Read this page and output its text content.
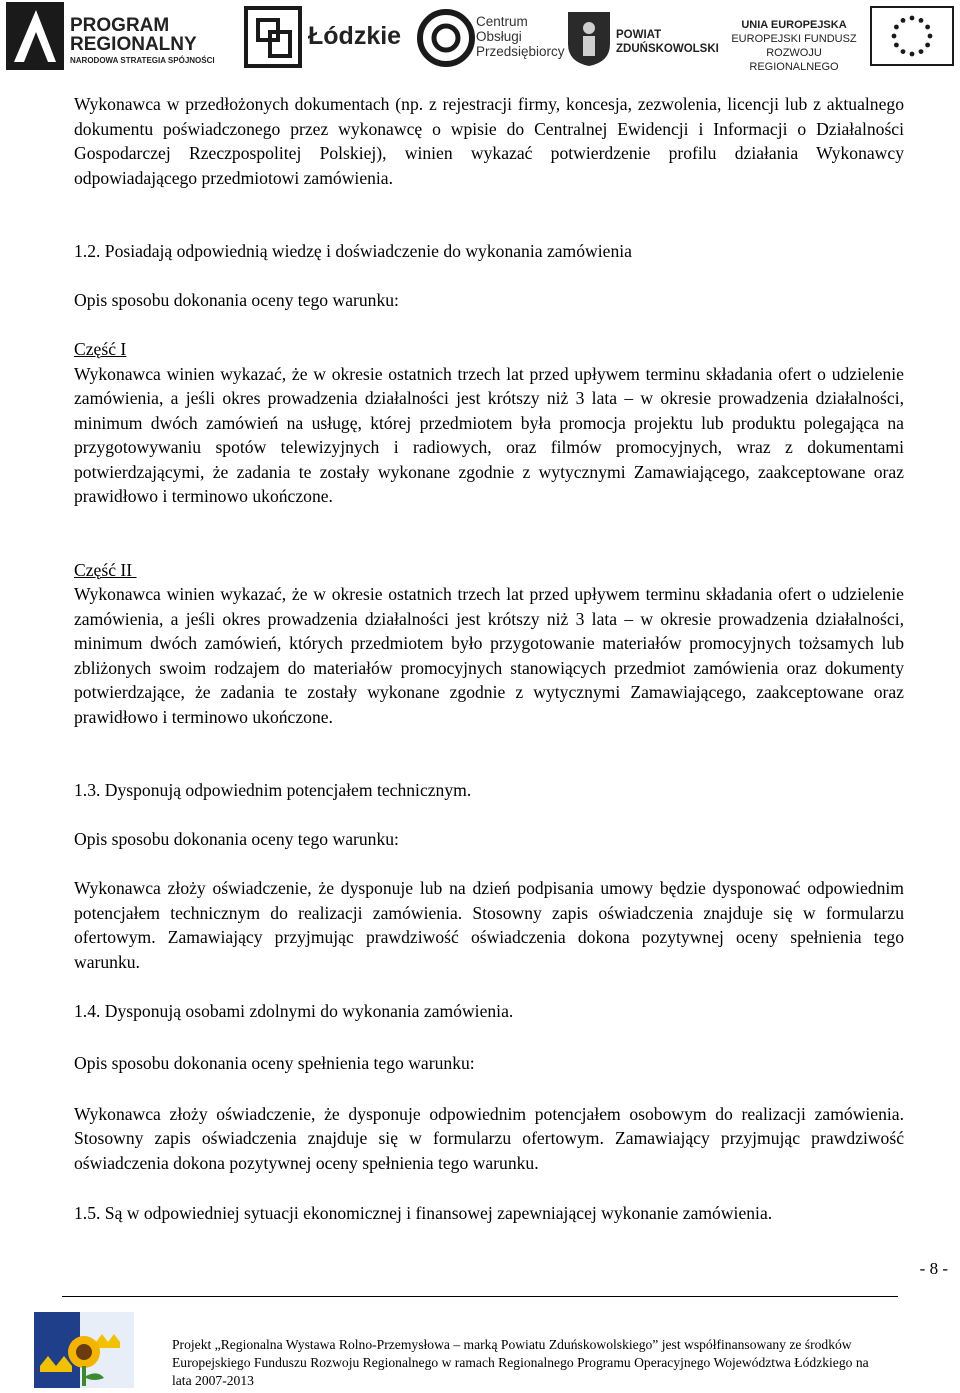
PROGRAM
REGIONALNY
NARODOWA STRATEGIA SPÓJNOŚCI
Łódzkie
Centrum
Obsługi
Przedsiębiorcy
POWIAT
ZDUŃSKOWOLSKI
UNIA EUROPEJSKA
EUROPEJSKI FUNDUSZ
ROZWOJU REGIONALNEGO

Wykonawca w przedłożonych dokumentach (np. z rejestracji firmy, koncesja, zezwolenia, licencji lub z aktualnego dokumentu poświadczonego przez wykonawcę o wpisie do Centralnej Ewidencji i Informacji o Działalności Gospodarczej Rzeczpospolitej Polskiej), winien wykazać potwierdzenie profilu działania Wykonawcy odpowiadającego przedmiotowi zamówienia.

1.2. Posiadają odpowiednią wiedzę i doświadczenie do wykonania zamówienia

Opis sposobu dokonania oceny tego warunku:

Część I

Wykonawca winien wykazać, że w okresie ostatnich trzech lat przed upływem terminu składania ofert o udzielenie zamówienia, a jeśli okres prowadzenia działalności jest krótszy niż 3 lata – w okresie prowadzenia działalności, minimum dwóch zamówień na usługę, której przedmiotem była promocja projektu lub produktu polegająca na przygotowywaniu spotów telewizyjnych i radiowych, oraz filmów promocyjnych, wraz z dokumentami potwierdzającymi, że zadania te zostały wykonane zgodnie z wytycznymi Zamawiającego, zaakceptowane oraz prawidłowo i terminowo ukończone.

Część II

Wykonawca winien wykazać, że w okresie ostatnich trzech lat przed upływem terminu składania ofert o udzielenie zamówienia, a jeśli okres prowadzenia działalności jest krótszy niż 3 lata – w okresie prowadzenia działalności, minimum dwóch zamówień, których przedmiotem było przygotowanie materiałów promocyjnych tożsamych lub zbliżonych swoim rodzajem do materiałów promocyjnych stanowiących przedmiot zamówienia oraz dokumenty potwierdzające, że zadania te zostały wykonane zgodnie z wytycznymi Zamawiającego, zaakceptowane oraz prawidłowo i terminowo ukończone.

1.3. Dysponują odpowiednim potencjałem technicznym.

Opis sposobu dokonania oceny tego warunku:

Wykonawca złoży oświadczenie, że dysponuje lub na dzień podpisania umowy będzie dysponować odpowiednim potencjałem technicznym do realizacji zamówienia. Stosowny zapis oświadczenia znajduje się w formularzu ofertowym. Zamawiający przyjmując prawdziwość oświadczenia dokona pozytywnej oceny spełnienia tego warunku.

1.4. Dysponują osobami zdolnymi do wykonania zamówienia.

Opis sposobu dokonania oceny spełnienia tego warunku:

Wykonawca złoży oświadczenie, że dysponuje odpowiednim potencjałem osobowym do realizacji zamówienia. Stosowny zapis oświadczenia znajduje się w formularzu ofertowym. Zamawiający przyjmując prawdziwość oświadczenia dokona pozytywnej oceny spełnienia tego warunku.

1.5. Są w odpowiedniej sytuacji ekonomicznej i finansowej zapewniającej wykonanie zamówienia.

- 8 -
Projekt „Regionalna Wystawa Rolno-Przemysłowa – marką Powiatu Zduńskowolskiego” jest współfinansowany ze środków
Europejskiego Funduszu Rozwoju Regionalnego w ramach Regionalnego Programu Operacyjnego Województwa Łódzkiego na
lata 2007-2013
